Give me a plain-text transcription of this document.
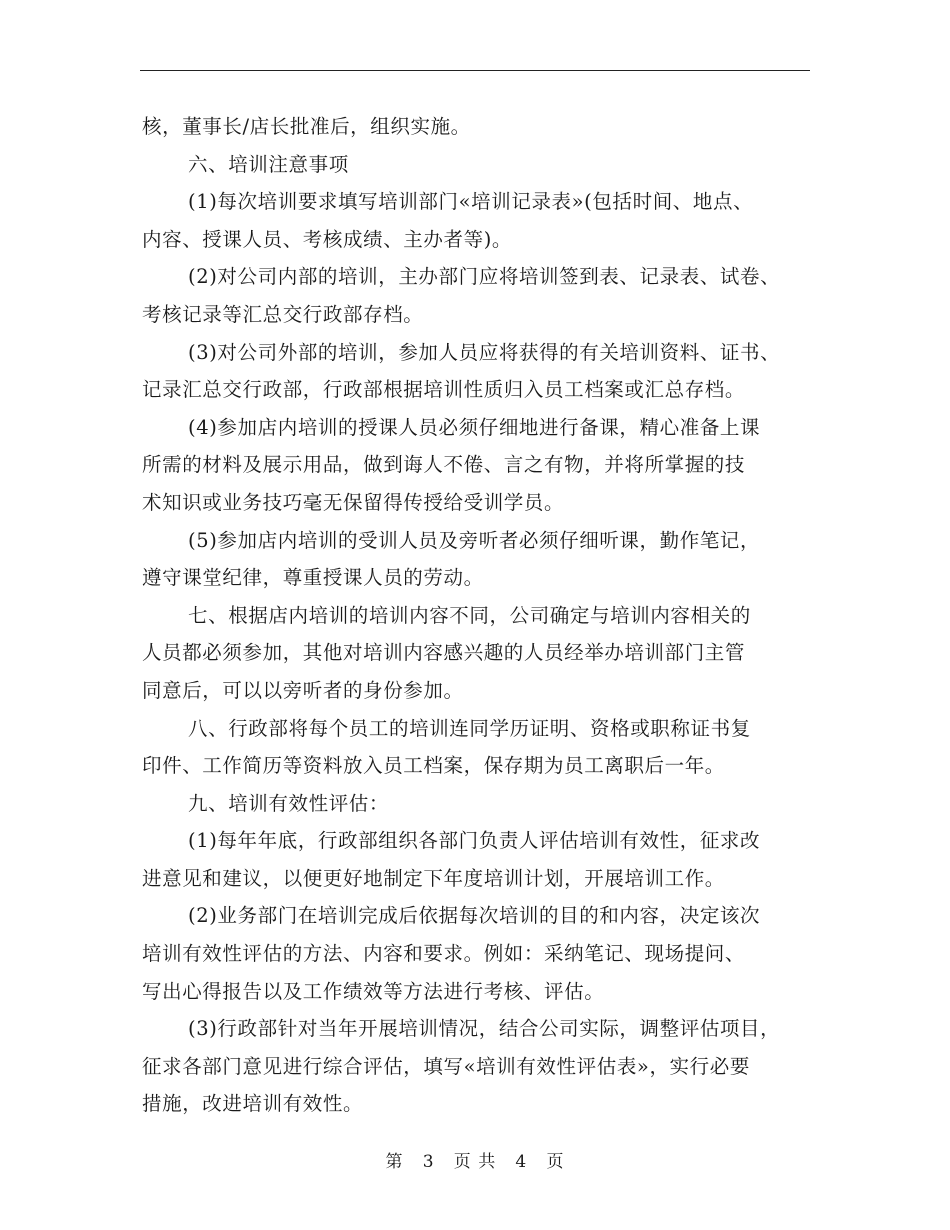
核，董事长/店长批准后，组织实施。

六、培训注意事项

(1)每次培训要求填写培训部门«培训记录表»(包括时间、地点、

内容、授课人员、考核成绩、主办者等)。

(2)对公司内部的培训，主办部门应将培训签到表、记录表、试卷、

考核记录等汇总交行政部存档。

(3)对公司外部的培训，参加人员应将获得的有关培训资料、证书、

记录汇总交行政部，行政部根据培训性质归入员工档案或汇总存档。

(4)参加店内培训的授课人员必须仔细地进行备课，精心准备上课

所需的材料及展示用品，做到诲人不倦、言之有物，并将所掌握的技

术知识或业务技巧毫无保留得传授给受训学员。

(5)参加店内培训的受训人员及旁听者必须仔细听课，勤作笔记，

遵守课堂纪律，尊重授课人员的劳动。

七、根据店内培训的培训内容不同，公司确定与培训内容相关的

人员都必须参加，其他对培训内容感兴趣的人员经举办培训部门主管

同意后，可以以旁听者的身份参加。

八、行政部将每个员工的培训连同学历证明、资格或职称证书复

印件、工作简历等资料放入员工档案，保存期为员工离职后一年。

九、培训有效性评估：

(1)每年年底，行政部组织各部门负责人评估培训有效性，征求改

进意见和建议，以便更好地制定下年度培训计划，开展培训工作。

(2)业务部门在培训完成后依据每次培训的目的和内容，决定该次

培训有效性评估的方法、内容和要求。例如：采纳笔记、现场提问、

写出心得报告以及工作绩效等方法进行考核、评估。

(3)行政部针对当年开展培训情况，结合公司实际，调整评估项目，

征求各部门意见进行综合评估，填写«培训有效性评估表»，实行必要

措施，改进培训有效性。

第 3 页 共 4 页
